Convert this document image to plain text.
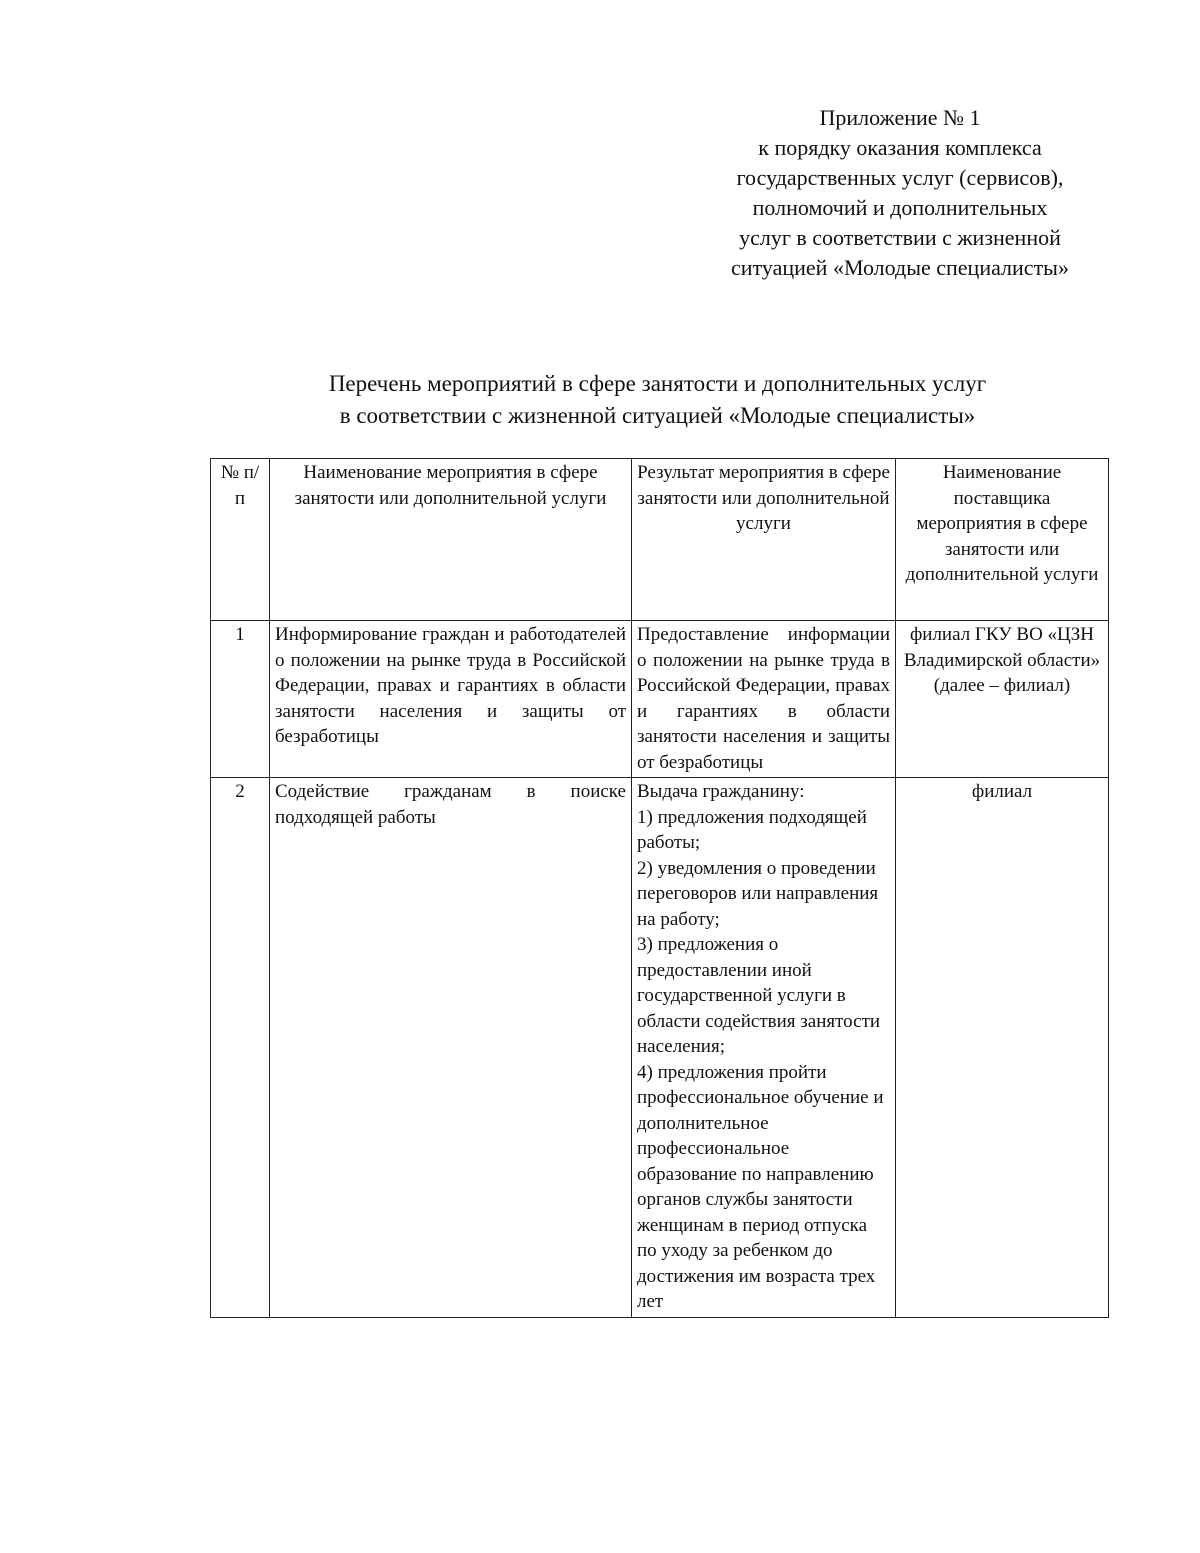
Приложение № 1
к порядку оказания комплекса
государственных услуг (сервисов),
полномочий и дополнительных
услуг в соответствии с жизненной
ситуацией «Молодые специалисты»
Перечень мероприятий в сфере занятости и дополнительных услуг
в соответствии с жизненной ситуацией «Молодые специалисты»
№ п/п	Наименование мероприятия в сфере занятости или дополнительной услуги	Результат мероприятия в сфере занятости или дополнительной услуги	Наименование поставщика мероприятия в сфере занятости или дополнительной услуги
1	Информирование граждан и работодателей о положении на рынке труда в Российской Федерации, правах и гарантиях в области занятости населения и защиты от безработицы	Предоставление информации о положении на рынке труда в Российской Федерации, правах и гарантиях в области занятости населения и защиты от безработицы	филиал ГКУ ВО «ЦЗН Владимирской области» (далее – филиал)
2	Содействие гражданам в поиске подходящей работы	Выдача гражданину:
1) предложения подходящей работы;
2) уведомления о проведении переговоров или направления на работу;
3) предложения о предоставлении иной государственной услуги в области содействия занятости населения;
4) предложения пройти профессиональное обучение и дополнительное профессиональное образование по направлению органов службы занятости женщинам в период отпуска по уходу за ребенком до достижения им возраста трех лет	филиал
